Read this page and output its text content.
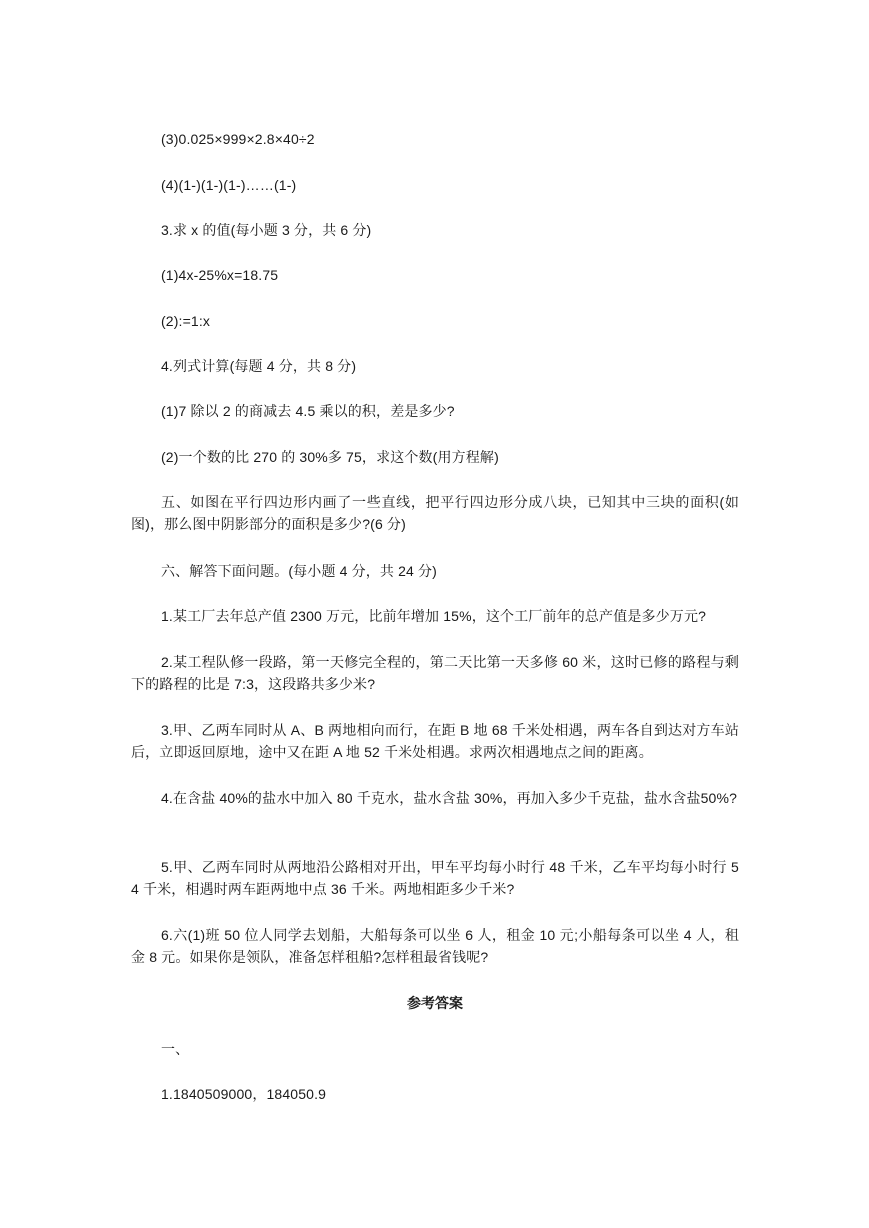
(3)0.025×999×2.8×40÷2

(4)(1-)(1-)(1-)……(1-)

3.求 x 的值(每小题 3 分，共 6 分)

(1)4x-25%x=18.75

(2):=1:x

4.列式计算(每题 4 分，共 8 分)

(1)7 除以 2 的商减去 4.5 乘以的积，差是多少?

(2)一个数的比 270 的 30%多 75，求这个数(用方程解)

五、如图在平行四边形内画了一些直线，把平行四边形分成八块，已知其中三块的面积(如图)，那么图中阴影部分的面积是多少?(6 分)

六、解答下面问题。(每小题 4 分，共 24 分)

1.某工厂去年总产值 2300 万元，比前年增加 15%，这个工厂前年的总产值是多少万元?

2.某工程队修一段路，第一天修完全程的，第二天比第一天多修 60 米，这时已修的路程与剩下的路程的比是 7:3，这段路共多少米?

3.甲、乙两车同时从 A、B 两地相向而行，在距 B 地 68 千米处相遇，两车各自到达对方车站后，立即返回原地，途中又在距 A 地 52 千米处相遇。求两次相遇地点之间的距离。

4.在含盐 40%的盐水中加入 80 千克水，盐水含盐 30%，再加入多少千克盐，盐水含盐50%?

5.甲、乙两车同时从两地沿公路相对开出，甲车平均每小时行 48 千米，乙车平均每小时行 54 千米，相遇时两车距两地中点 36 千米。两地相距多少千米?

6.六(1)班 50 位人同学去划船，大船每条可以坐 6 人，租金 10 元;小船每条可以坐 4 人，租金 8 元。如果你是领队，准备怎样租船?怎样租最省钱呢?

参考答案

一、

1.1840509000，184050.9
